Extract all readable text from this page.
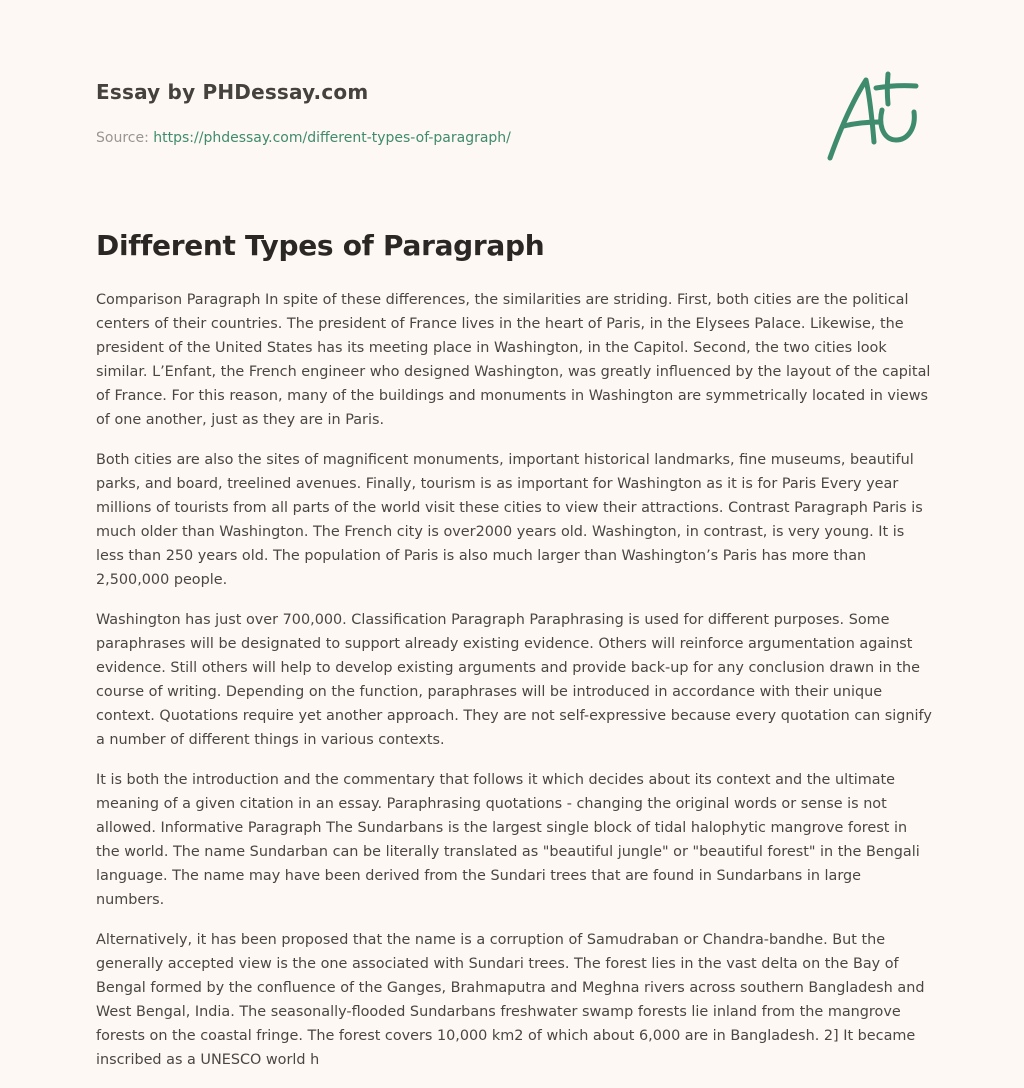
Essay by PHDessay.com
Source: https://phdessay.com/different-types-of-paragraph/
Different Types of Paragraph

Comparison Paragraph In spite of these differences, the similarities are striding. First, both cities are the political centers of their countries. The president of France lives in the heart of Paris, in the Elysees Palace. Likewise, the president of the United States has its meeting place in Washington, in the Capitol. Second, the two cities look similar. L’Enfant, the French engineer who designed Washington, was greatly influenced by the layout of the capital of France. For this reason, many of the buildings and monuments in Washington are symmetrically located in views of one another, just as they are in Paris.

Both cities are also the sites of magnificent monuments, important historical landmarks, fine museums, beautiful parks, and board, treelined avenues. Finally, tourism is as important for Washington as it is for Paris Every year millions of tourists from all parts of the world visit these cities to view their attractions. Contrast Paragraph Paris is much older than Washington. The French city is over2000 years old. Washington, in contrast, is very young. It is less than 250 years old. The population of Paris is also much larger than Washington’s Paris has more than 2,500,000 people.

Washington has just over 700,000. Classification Paragraph Paraphrasing is used for different purposes. Some paraphrases will be designated to support already existing evidence. Others will reinforce argumentation against evidence. Still others will help to develop existing arguments and provide back-up for any conclusion drawn in the course of writing. Depending on the function, paraphrases will be introduced in accordance with their unique context. Quotations require yet another approach. They are not self-expressive because every quotation can signify a number of different things in various contexts.

It is both the introduction and the commentary that follows it which decides about its context and the ultimate meaning of a given citation in an essay. Paraphrasing quotations - changing the original words or sense is not allowed. Informative Paragraph The Sundarbans is the largest single block of tidal halophytic mangrove forest in the world. The name Sundarban can be literally translated as "beautiful jungle" or "beautiful forest" in the Bengali language. The name may have been derived from the Sundari trees that are found in Sundarbans in large numbers.

Alternatively, it has been proposed that the name is a corruption of Samudraban or Chandra-bandhe. But the generally accepted view is the one associated with Sundari trees. The forest lies in the vast delta on the Bay of Bengal formed by the confluence of the Ganges, Brahmaputra and Meghna rivers across southern Bangladesh and West Bengal, India. The seasonally-flooded Sundarbans freshwater swamp forests lie inland from the mangrove forests on the coastal fringe. The forest covers 10,000 km2 of which about 6,000 are in Bangladesh. 2] It became inscribed as a UNESCO world h
